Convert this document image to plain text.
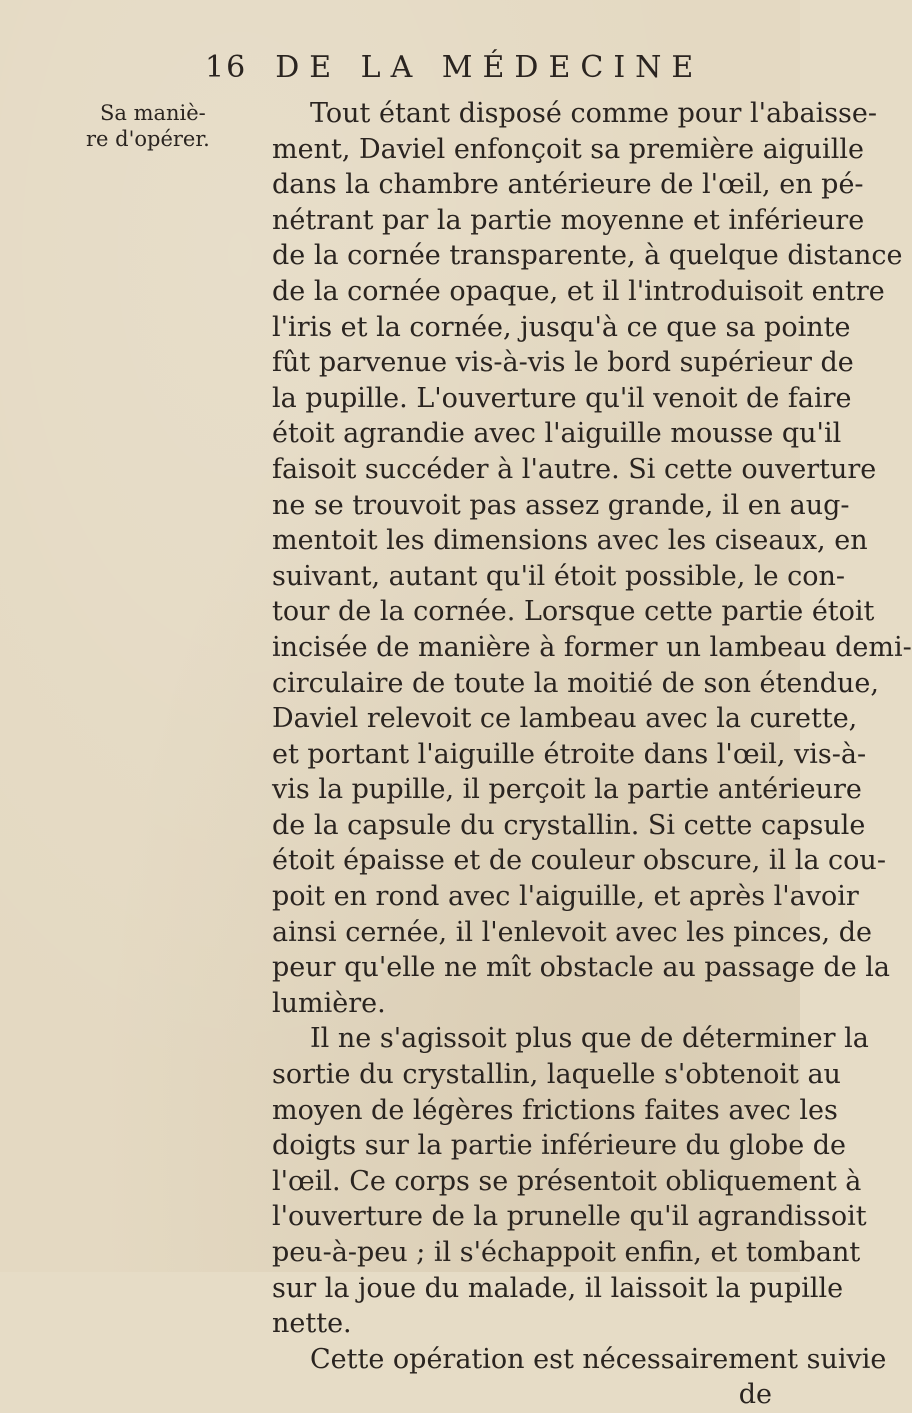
16 DE LA MÉDECINE
Sa maniè-
re d'opérer.
Tout étant disposé comme pour l'abaisse-
ment, Daviel enfonçoit sa première aiguille
dans la chambre antérieure de l'œil, en pé-
nétrant par la partie moyenne et inférieure
de la cornée transparente, à quelque distance
de la cornée opaque, et il l'introduisoit entre
l'iris et la cornée, jusqu'à ce que sa pointe
fût parvenue vis-à-vis le bord supérieur de
la pupille. L'ouverture qu'il venoit de faire
étoit agrandie avec l'aiguille mousse qu'il
faisoit succéder à l'autre. Si cette ouverture
ne se trouvoit pas assez grande, il en aug-
mentoit les dimensions avec les ciseaux, en
suivant, autant qu'il étoit possible, le con-
tour de la cornée. Lorsque cette partie étoit
incisée de manière à former un lambeau demi-
circulaire de toute la moitié de son étendue,
Daviel relevoit ce lambeau avec la curette,
et portant l'aiguille étroite dans l'œil, vis-à-
vis la pupille, il perçoit la partie antérieure
de la capsule du crystallin. Si cette capsule
étoit épaisse et de couleur obscure, il la cou-
poit en rond avec l'aiguille, et après l'avoir
ainsi cernée, il l'enlevoit avec les pinces, de
peur qu'elle ne mît obstacle au passage de la
lumière.
Il ne s'agissoit plus que de déterminer la
sortie du crystallin, laquelle s'obtenoit au
moyen de légères frictions faites avec les
doigts sur la partie inférieure du globe de
l'œil. Ce corps se présentoit obliquement à
l'ouverture de la prunelle qu'il agrandissoit
peu-à-peu ; il s'échappoit enfin, et tombant
sur la joue du malade, il laissoit la pupille
nette.
Cette opération est nécessairement suivie
de
